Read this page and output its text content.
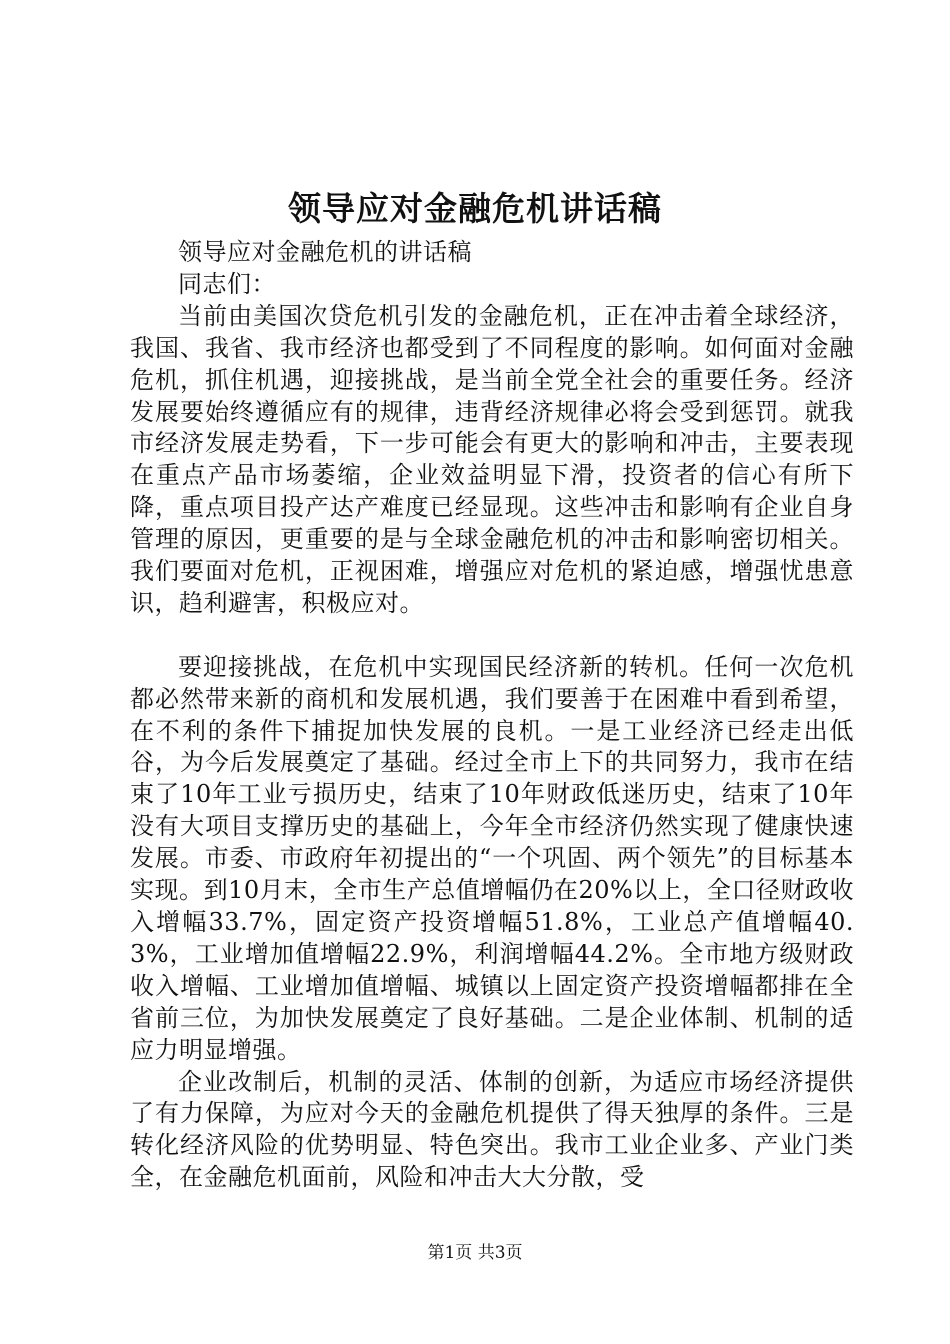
领导应对金融危机讲话稿

领导应对金融危机的讲话稿

同志们：

当前由美国次贷危机引发的金融危机，正在冲击着全球经济，我国、我省、我市经济也都受到了不同程度的影响。如何面对金融危机，抓住机遇，迎接挑战，是当前全党全社会的重要任务。经济发展要始终遵循应有的规律，违背经济规律必将会受到惩罚。就我市经济发展走势看，下一步可能会有更大的影响和冲击，主要表现在重点产品市场萎缩，企业效益明显下滑，投资者的信心有所下降，重点项目投产达产难度已经显现。这些冲击和影响有企业自身管理的原因，更重要的是与全球金融危机的冲击和影响密切相关。我们要面对危机，正视困难，增强应对危机的紧迫感，增强忧患意识，趋利避害，积极应对。

要迎接挑战，在危机中实现国民经济新的转机。任何一次危机都必然带来新的商机和发展机遇，我们要善于在困难中看到希望，在不利的条件下捕捉加快发展的良机。一是工业经济已经走出低谷，为今后发展奠定了基础。经过全市上下的共同努力，我市在结束了10年工业亏损历史，结束了10年财政低迷历史，结束了10年没有大项目支撑历史的基础上，今年全市经济仍然实现了健康快速发展。市委、市政府年初提出的“一个巩固、两个领先”的目标基本实现。到10月末，全市生产总值增幅仍在20%以上，全口径财政收入增幅33.7%，固定资产投资增幅51.8%，工业总产值增幅40.3%，工业增加值增幅22.9%，利润增幅44.2%。全市地方级财政收入增幅、工业增加值增幅、城镇以上固定资产投资增幅都排在全省前三位，为加快发展奠定了良好基础。二是企业体制、机制的适应力明显增强。

企业改制后，机制的灵活、体制的创新，为适应市场经济提供了有力保障，为应对今天的金融危机提供了得天独厚的条件。三是转化经济风险的优势明显、特色突出。我市工业企业多、产业门类全，在金融危机面前，风险和冲击大大分散，受

第1页 共3页
